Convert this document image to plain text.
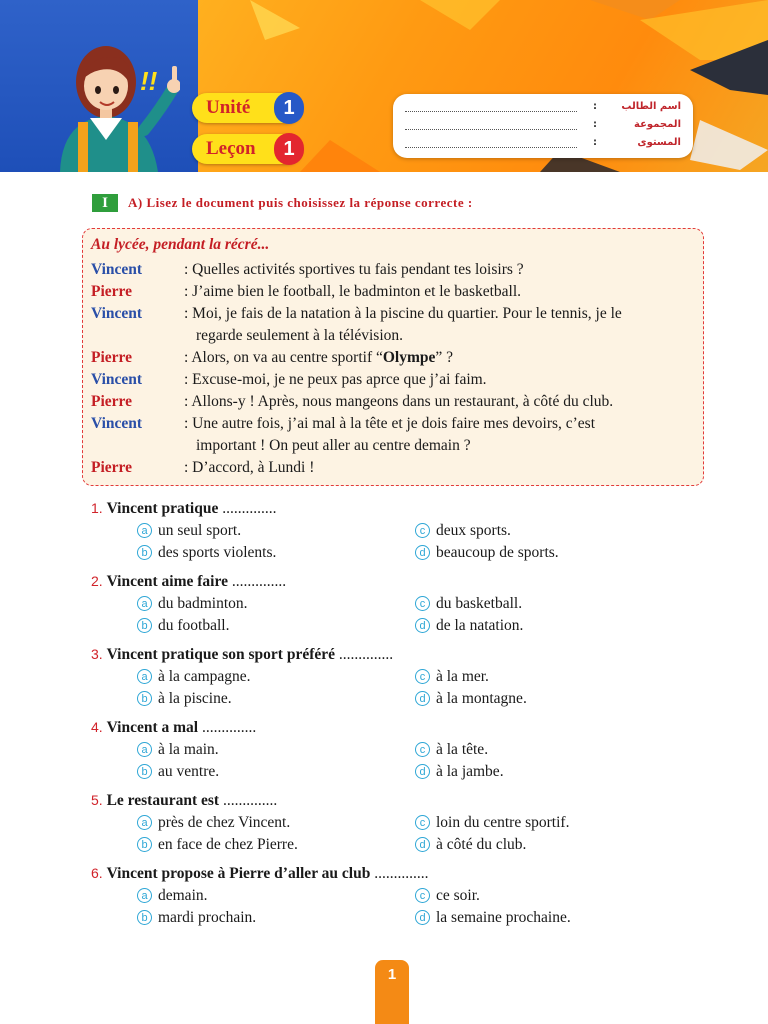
!!
Unité	1
Leçon	1
: اسم الطالب
:	المجموعة
:	المستوى
I	A) Lisez le document puis choisissez la réponse correcte :
Au lycée, pendant la récré...
Vincent	: Quelles activités sportives tu fais pendant tes loisirs ?
Pierre	: J’aime bien le football, le badminton et le basketball.
Vincent	: Moi, je fais de la natation à la piscine du quartier. Pour le tennis, je le
regarde seulement à la télévision.
Pierre	: Alors, on va au centre sportif “Olympe” ?
Vincent	: Excuse-moi, je ne peux pas aprce que j’ai faim.
Pierre	: Allons-y ! Après, nous mangeons dans un restaurant, à côté du club.
Vincent	: Une autre fois, j’ai mal à la tête et je dois faire mes devoirs, c’est
important ! On peut aller au centre demain ?
Pierre	: D’accord, à Lundi !
1. Vincent pratique ..............
a un seul sport.
b des sports violents.
c deux sports.
d beaucoup de sports.
2. Vincent aime faire ..............
a du badminton.
b du football.
c du basketball.
d de la natation.
3. Vincent pratique son sport préféré ..............
a à la campagne.
b à la piscine.
c à la mer.
d à la montagne.
4. Vincent a mal ..............
a à la main.
b au ventre.
c à la tête.
d à la jambe.
5. Le restaurant est ..............
a près de chez Vincent.
b en face de chez Pierre.
c loin du centre sportif.
d à côté du club.
6. Vincent propose à Pierre d’aller au club ..............
a demain.
b mardi prochain.
c ce soir.
d la semaine prochaine.
1
